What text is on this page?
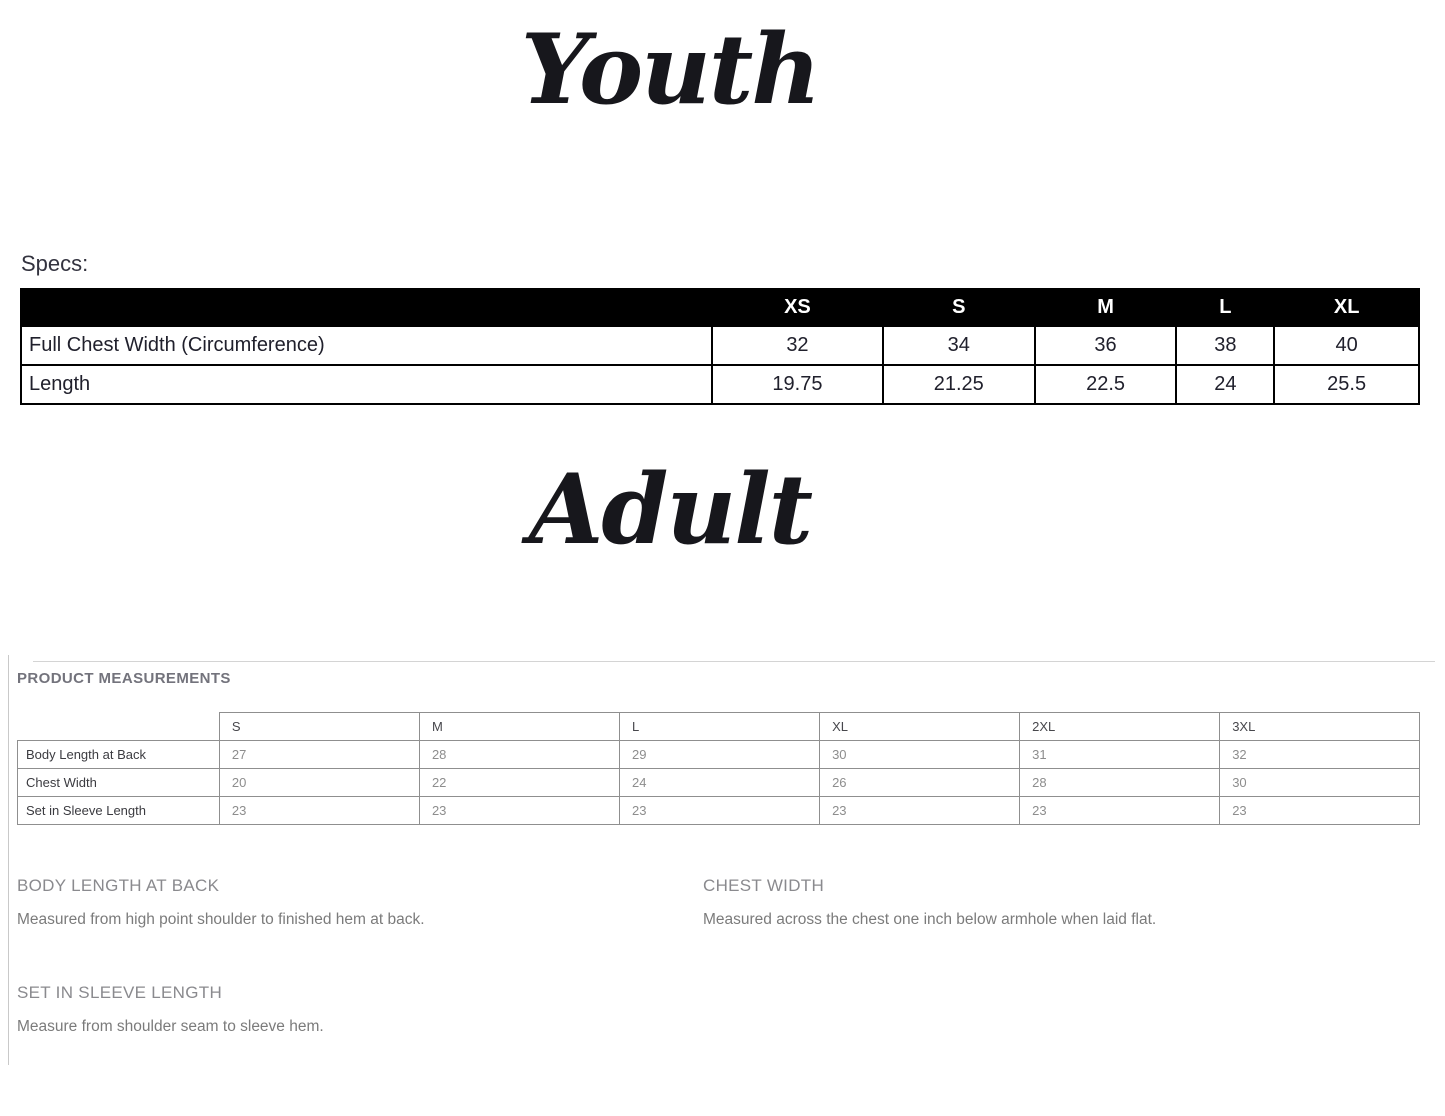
Youth
Specs:
	XS	S	M	L	XL
Full Chest Width (Circumference)	32	34	36	38	40
Length	19.75	21.25	22.5	24	25.5
Adult
PRODUCT MEASUREMENTS
	S	M	L	XL	2XL	3XL
Body Length at Back	27	28	29	30	31	32
Chest Width	20	22	24	26	28	30
Set in Sleeve Length	23	23	23	23	23	23
BODY LENGTH AT BACK

Measured from high point shoulder to finished hem at back.

CHEST WIDTH

Measured across the chest one inch below armhole when laid flat.

SET IN SLEEVE LENGTH

Measure from shoulder seam to sleeve hem.
